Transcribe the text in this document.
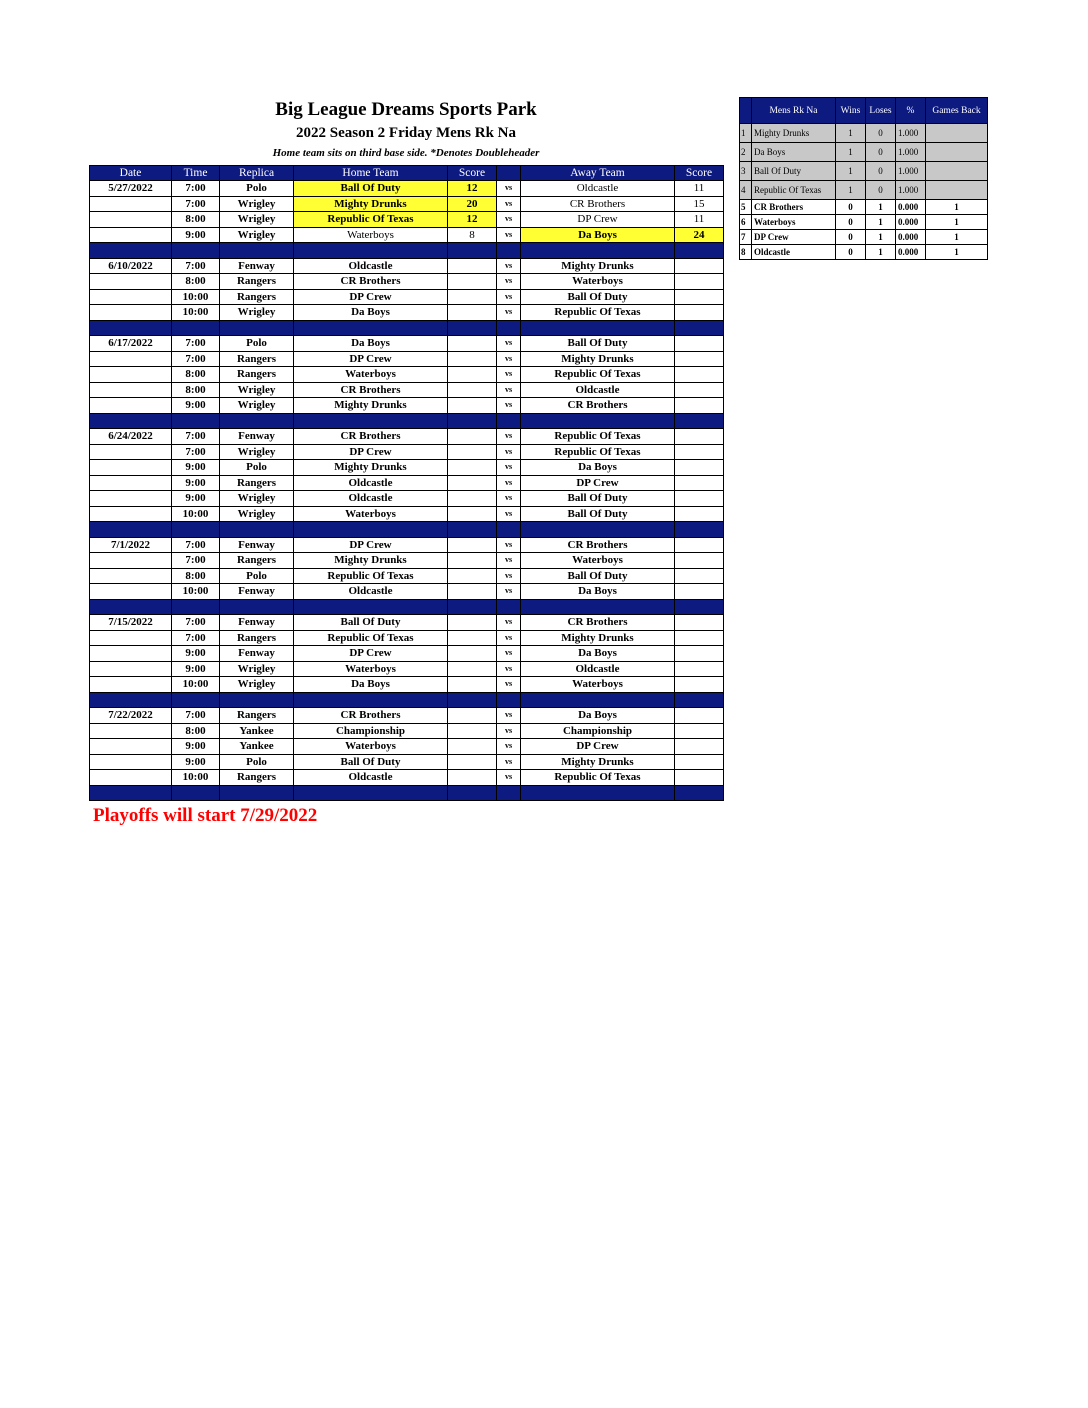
Big League Dreams Sports Park
2022 Season 2 Friday Mens Rk Na
Home team sits on third base side. *Denotes Doubleheader
Date	Time	Replica	Home Team	Score		Away Team	Score
5/27/2022	7:00	Polo	Ball Of Duty	12	vs	Oldcastle	11
	7:00	Wrigley	Mighty Drunks	20	vs	CR Brothers	15
	8:00	Wrigley	Republic Of Texas	12	vs	DP Crew	11
	9:00	Wrigley	Waterboys	8	vs	Da Boys	24

6/10/2022	7:00	Fenway	Oldcastle		vs	Mighty Drunks	
	8:00	Rangers	CR Brothers		vs	Waterboys	
	10:00	Rangers	DP Crew		vs	Ball Of Duty	
	10:00	Wrigley	Da Boys		vs	Republic Of Texas	

6/17/2022	7:00	Polo	Da Boys		vs	Ball Of Duty	
	7:00	Rangers	DP Crew		vs	Mighty Drunks	
	8:00	Rangers	Waterboys		vs	Republic Of Texas	
	8:00	Wrigley	CR Brothers		vs	Oldcastle	
	9:00	Wrigley	Mighty Drunks		vs	CR Brothers	

6/24/2022	7:00	Fenway	CR Brothers		vs	Republic Of Texas	
	7:00	Wrigley	DP Crew		vs	Republic Of Texas	
	9:00	Polo	Mighty Drunks		vs	Da Boys	
	9:00	Rangers	Oldcastle		vs	DP Crew	
	9:00	Wrigley	Oldcastle		vs	Ball Of Duty	
	10:00	Wrigley	Waterboys		vs	Ball Of Duty	

7/1/2022	7:00	Fenway	DP Crew		vs	CR Brothers	
	7:00	Rangers	Mighty Drunks		vs	Waterboys	
	8:00	Polo	Republic Of Texas		vs	Ball Of Duty	
	10:00	Fenway	Oldcastle		vs	Da Boys	

7/15/2022	7:00	Fenway	Ball Of Duty		vs	CR Brothers	
	7:00	Rangers	Republic Of Texas		vs	Mighty Drunks	
	9:00	Fenway	DP Crew		vs	Da Boys	
	9:00	Wrigley	Waterboys		vs	Oldcastle	
	10:00	Wrigley	Da Boys		vs	Waterboys	

7/22/2022	7:00	Rangers	CR Brothers		vs	Da Boys	
	8:00	Yankee	Championship		vs	Championship	
	9:00	Yankee	Waterboys		vs	DP Crew	
	9:00	Polo	Ball Of Duty		vs	Mighty Drunks	
	10:00	Rangers	Oldcastle		vs	Republic Of Texas	

	Mens Rk Na	Wins	Loses	%	Games Back
1	Mighty Drunks	1	0	1.000	
2	Da Boys	1	0	1.000	
3	Ball Of Duty	1	0	1.000	
4	Republic Of Texas	1	0	1.000	
5	CR Brothers	0	1	0.000	1
6	Waterboys	0	1	0.000	1
7	DP Crew	0	1	0.000	1
8	Oldcastle	0	1	0.000	1
Playoffs will start 7/29/2022
